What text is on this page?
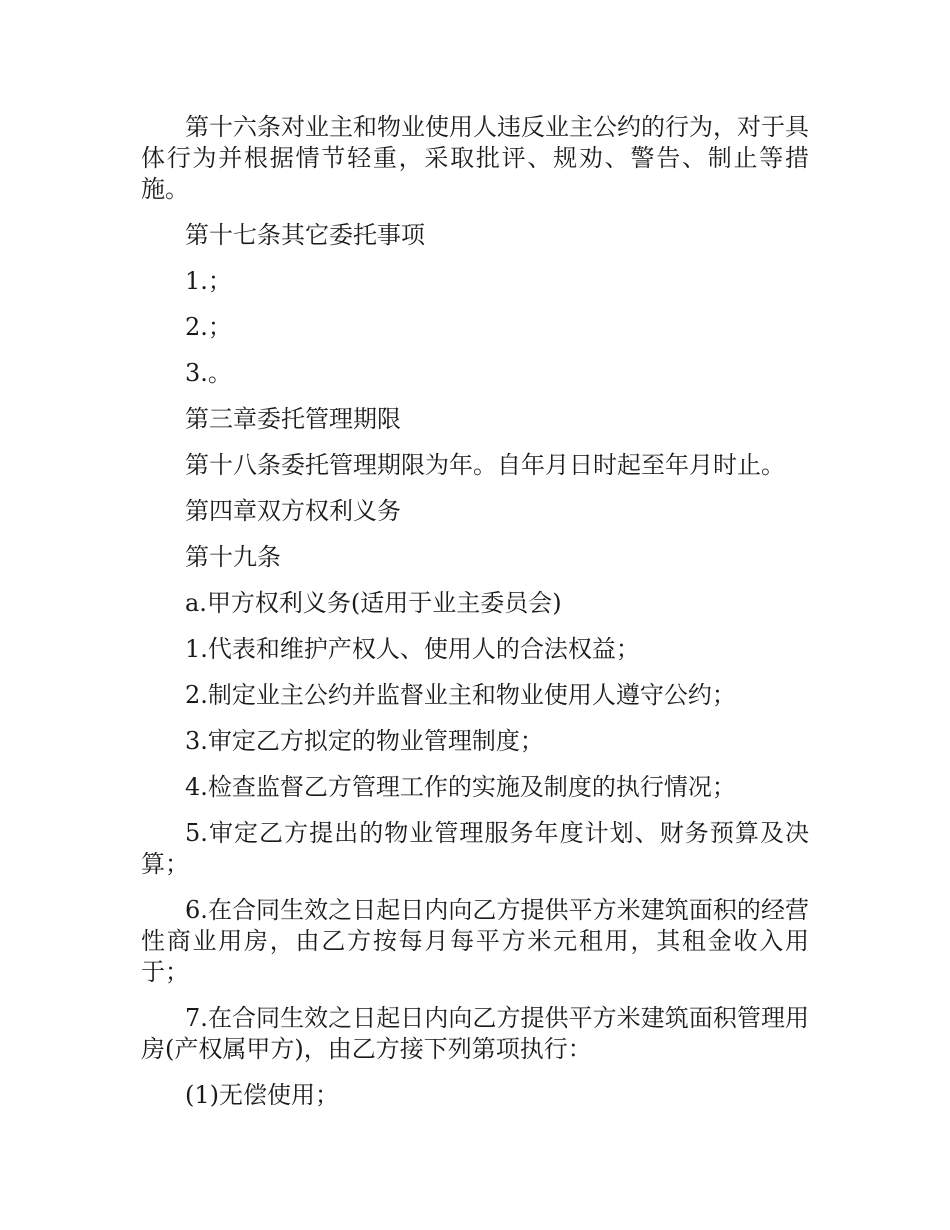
第十六条对业主和物业使用人违反业主公约的行为，对于具体行为并根据情节轻重，采取批评、规劝、警告、制止等措施。

第十七条其它委托事项

1.；

2.；

3.。

第三章委托管理期限

第十八条委托管理期限为年。自年月日时起至年月时止。

第四章双方权利义务

第十九条

a.甲方权利义务(适用于业主委员会)

1.代表和维护产权人、使用人的合法权益；

2.制定业主公约并监督业主和物业使用人遵守公约；

3.审定乙方拟定的物业管理制度；

4.检查监督乙方管理工作的实施及制度的执行情况；

5.审定乙方提出的物业管理服务年度计划、财务预算及决算；

6.在合同生效之日起日内向乙方提供平方米建筑面积的经营性商业用房，由乙方按每月每平方米元租用，其租金收入用于；

7.在合同生效之日起日内向乙方提供平方米建筑面积管理用房(产权属甲方)，由乙方接下列第项执行：

(1)无偿使用；
